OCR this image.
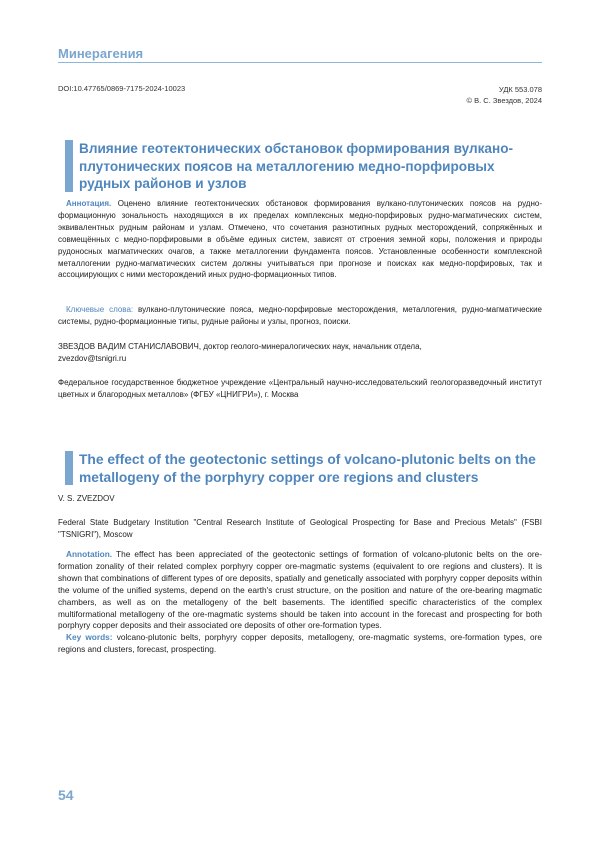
Минерагения
DOI:10.47765/0869-7175-2024-10023	УДК 553.078
© В. С. Звездов, 2024
Влияние геотектонических обстановок формирования вулкано-плутонических поясов на металлогению медно-порфировых рудных районов и узлов
Аннотация. Оценено влияние геотектонических обстановок формирования вулкано-плутонических поясов на рудно-формационную зональность находящихся в их пределах комплексных медно-порфировых рудно-магматических систем, эквивалентных рудным районам и узлам. Отмечено, что сочетания разнотипных рудных месторождений, сопряжённых и совмещённых с медно-порфировыми в объёме единых систем, зависят от строения земной коры, положения и природы рудоносных магматических очагов, а также металлогении фундамента поясов. Установленные особенности комплексной металлогении рудно-магматических систем должны учитываться при прогнозе и поисках как медно-порфировых, так и ассоциирующих с ними месторождений иных рудно-формационных типов.
Ключевые слова: вулкано-плутонические пояса, медно-порфировые месторождения, металлогения, рудно-магматические системы, рудно-формационные типы, рудные районы и узлы, прогноз, поиски.
ЗВЕЗДОВ ВАДИМ СТАНИСЛАВОВИЧ, доктор геолого-минералогических наук, начальник отдела,
zvezdov@tsnigri.ru
Федеральное государственное бюджетное учреждение «Центральный научно-исследовательский геологоразведочный институт цветных и благородных металлов» (ФГБУ «ЦНИГРИ»), г. Москва
The effect of the geotectonic settings of volcano-plutonic belts on the metallogeny of the porphyry copper ore regions and clusters
V. S. ZVEZDOV
Federal State Budgetary Institution "Central Research Institute of Geological Prospecting for Base and Precious Metals" (FSBI "TSNIGRI"), Moscow
Annotation. The effect has been appreciated of the geotectonic settings of formation of volcano-plutonic belts on the ore-formation zonality of their related complex porphyry copper ore-magmatic systems (equivalent to ore regions and clusters). It is shown that combinations of different types of ore deposits, spatially and genetically associated with porphyry copper deposits within the volume of the unified systems, depend on the earth's crust structure, on the position and nature of the ore-bearing magmatic chambers, as well as on the metallogeny of the belt basements. The identified specific characteristics of the complex multiformational metallogeny of the ore-magmatic systems should be taken into account in the forecast and prospecting for both porphyry copper deposits and their associated ore deposits of other ore-formation types.
Key words: volcano-plutonic belts, porphyry copper deposits, metallogeny, ore-magmatic systems, ore-formation types, ore regions and clusters, forecast, prospecting.
54
